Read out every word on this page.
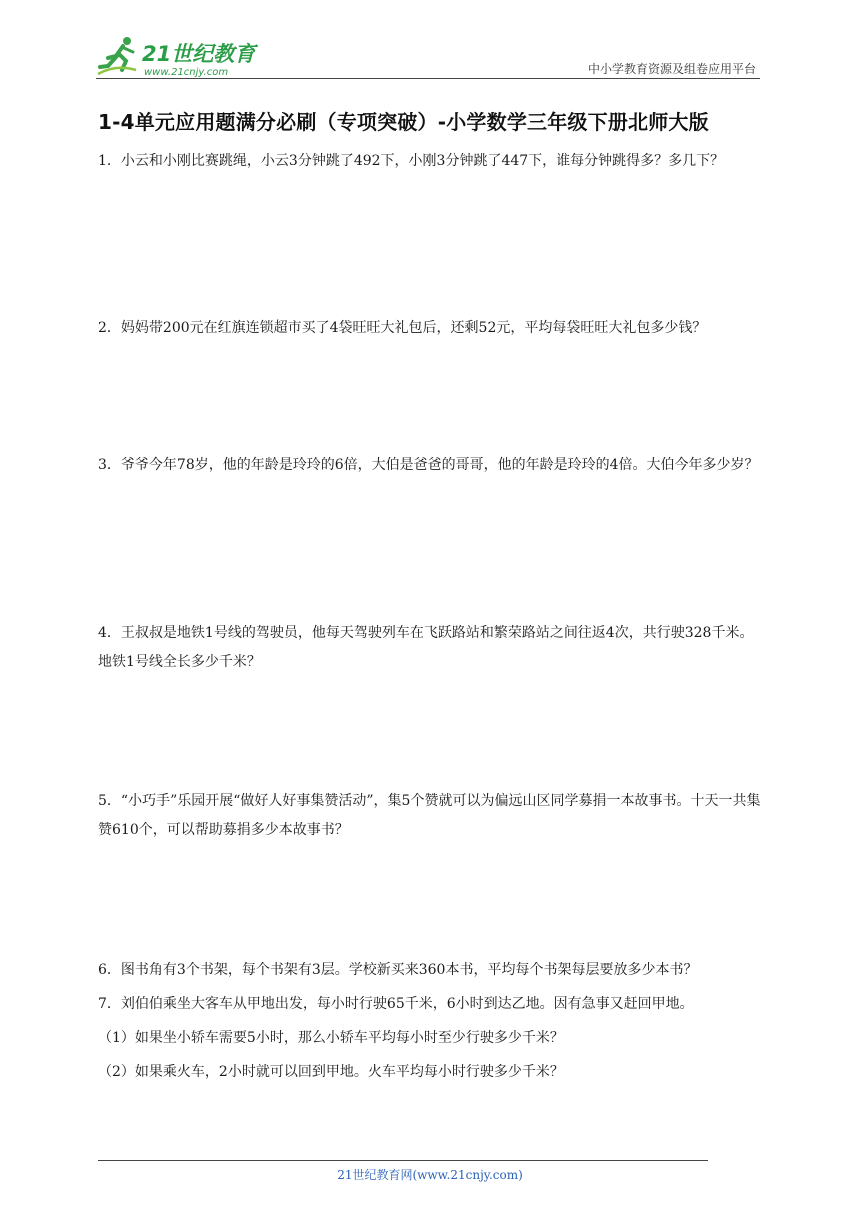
21世纪教育
www.21cnjy.com	中小学教育资源及组卷应用平台
1-4单元应用题满分必刷（专项突破）-小学数学三年级下册北师大版
1．小云和小刚比赛跳绳，小云3分钟跳了492下，小刚3分钟跳了447下，谁每分钟跳得多？多几下？
2．妈妈带200元在红旗连锁超市买了4袋旺旺大礼包后，还剩52元，平均每袋旺旺大礼包多少钱？
3．爷爷今年78岁，他的年龄是玲玲的6倍，大伯是爸爸的哥哥，他的年龄是玲玲的4倍。大伯今年多少岁？
4．王叔叔是地铁1号线的驾驶员，他每天驾驶列车在飞跃路站和繁荣路站之间往返4次，共行驶328千米。地铁1号线全长多少千米？
5．“小巧手”乐园开展“做好人好事集赞活动”，集5个赞就可以为偏远山区同学募捐一本故事书。十天一共集赞610个，可以帮助募捐多少本故事书？
6．图书角有3个书架，每个书架有3层。学校新买来360本书，平均每个书架每层要放多少本书？
7．刘伯伯乘坐大客车从甲地出发，每小时行驶65千米，6小时到达乙地。因有急事又赶回甲地。
（1）如果坐小轿车需要5小时，那么小轿车平均每小时至少行驶多少千米？
（2）如果乘火车，2小时就可以回到甲地。火车平均每小时行驶多少千米？
21世纪教育网(www.21cnjy.com)
